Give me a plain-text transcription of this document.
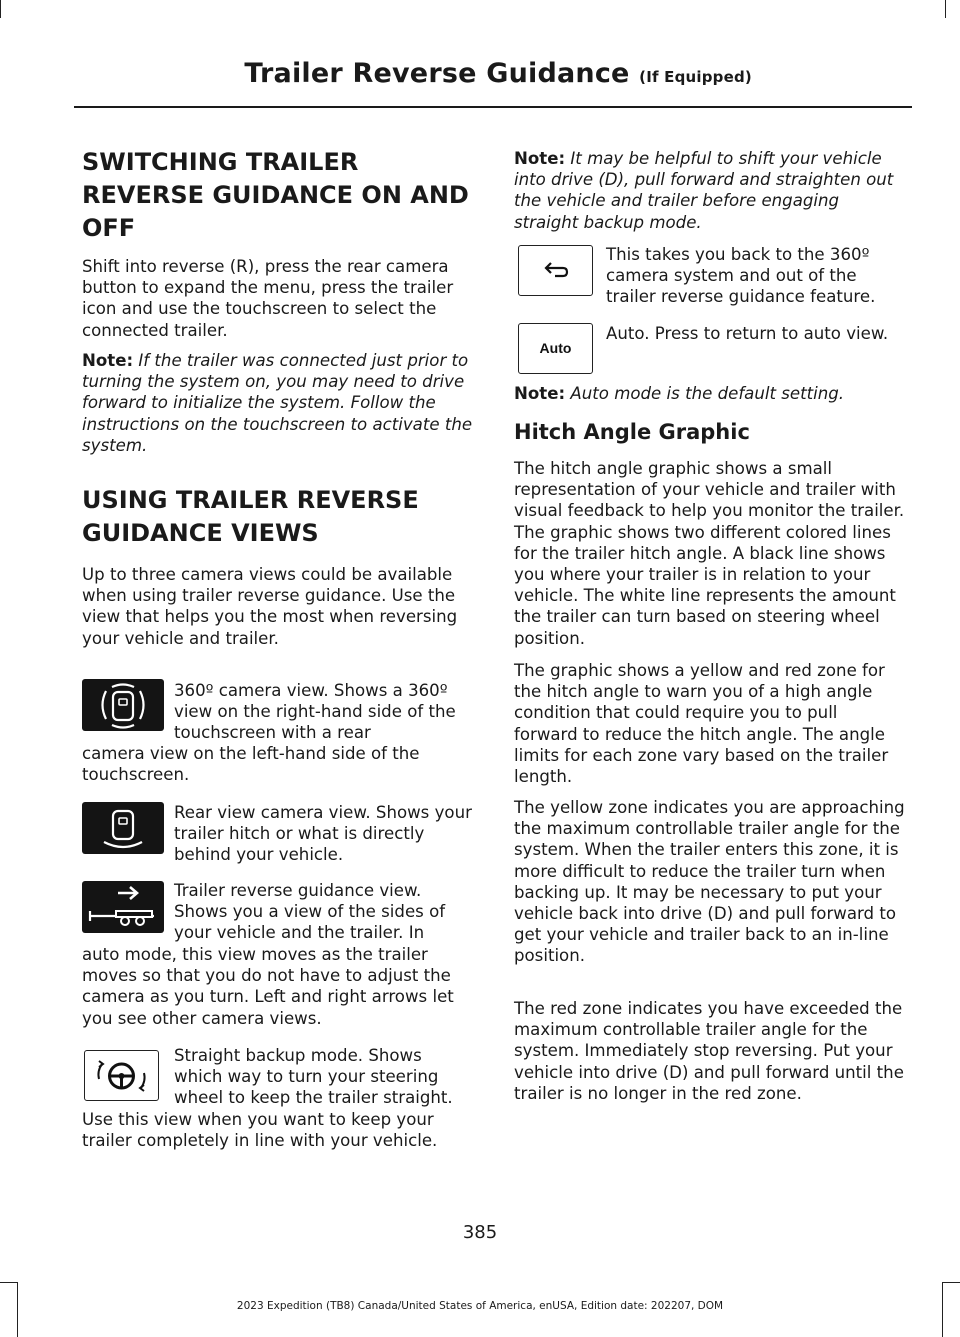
Trailer Reverse Guidance (If Equipped)
SWITCHING TRAILER REVERSE GUIDANCE ON AND OFF

Shift into reverse (R), press the rear camera button to expand the menu, press the trailer icon and use the touchscreen to select the connected trailer.

Note: If the trailer was connected just prior to turning the system on, you may need to drive forward to initialize the system. Follow the instructions on the touchscreen to activate the system.

USING TRAILER REVERSE GUIDANCE VIEWS

Up to three camera views could be available when using trailer reverse guidance. Use the view that helps you the most when reversing your vehicle and trailer.

360º camera view. Shows a 360º view on the right-hand side of the touchscreen with a rear

camera view on the left-hand side of the touchscreen.

Rear view camera view. Shows your trailer hitch or what is directly behind your vehicle.

Trailer reverse guidance view. Shows you a view of the sides of your vehicle and the trailer. In

auto mode, this view moves as the trailer moves so that you do not have to adjust the camera as you turn. Left and right arrows let you see other camera views.

Straight backup mode. Shows which way to turn your steering wheel to keep the trailer straight.

Use this view when you want to keep your trailer completely in line with your vehicle.

Note: It may be helpful to shift your vehicle into drive (D), pull forward and straighten out the vehicle and trailer before engaging straight backup mode.

This takes you back to the 360º camera system and out of the trailer reverse guidance feature.

Auto

Auto. Press to return to auto view.

Note: Auto mode is the default setting.

Hitch Angle Graphic

The hitch angle graphic shows a small representation of your vehicle and trailer with visual feedback to help you monitor the trailer. The graphic shows two different colored lines for the trailer hitch angle. A black line shows you where your trailer is in relation to your vehicle. The white line represents the amount the trailer can turn based on steering wheel position.

The graphic shows a yellow and red zone for the hitch angle to warn you of a high angle condition that could require you to pull forward to reduce the hitch angle. The angle limits for each zone vary based on the trailer length.

The yellow zone indicates you are approaching the maximum controllable trailer angle for the system. When the trailer enters this zone, it is more difficult to reduce the trailer turn when backing up. It may be necessary to put your vehicle back into drive (D) and pull forward to get your vehicle and trailer back to an in-line position.

The red zone indicates you have exceeded the maximum controllable trailer angle for the system. Immediately stop reversing. Put your vehicle into drive (D) and pull forward until the trailer is no longer in the red zone.

385
2023 Expedition (TB8) Canada/United States of America, enUSA, Edition date: 202207, DOM
